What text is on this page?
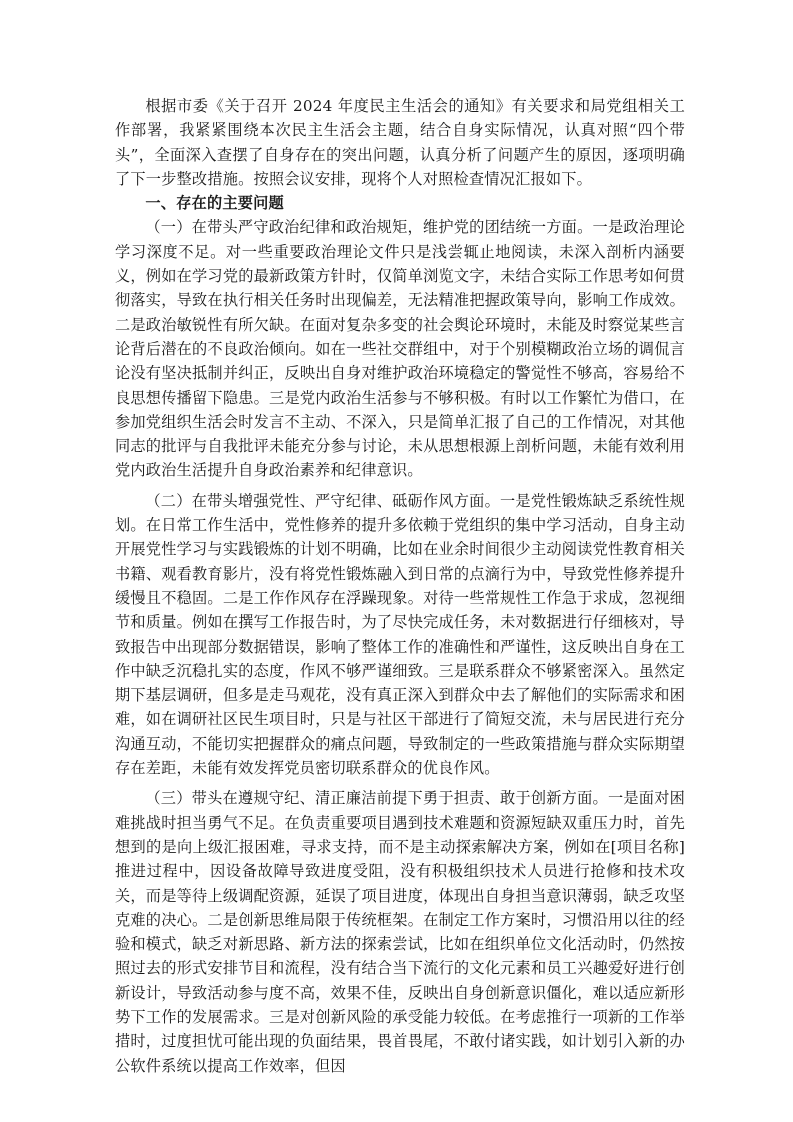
根据市委《关于召开 2024 年度民主生活会的通知》有关要求和局党组相关工作部署，我紧紧围绕本次民主生活会主题，结合自身实际情况，认真对照“四个带头”，全面深入查摆了自身存在的突出问题，认真分析了问题产生的原因，逐项明确了下一步整改措施。按照会议安排，现将个人对照检查情况汇报如下。

一、存在的主要问题

（一）在带头严守政治纪律和政治规矩，维护党的团结统一方面。一是政治理论学习深度不足。对一些重要政治理论文件只是浅尝辄止地阅读，未深入剖析内涵要义，例如在学习党的最新政策方针时，仅简单浏览文字，未结合实际工作思考如何贯彻落实，导致在执行相关任务时出现偏差，无法精准把握政策导向，影响工作成效。二是政治敏锐性有所欠缺。在面对复杂多变的社会舆论环境时，未能及时察觉某些言论背后潜在的不良政治倾向。如在一些社交群组中，对于个别模糊政治立场的调侃言论没有坚决抵制并纠正，反映出自身对维护政治环境稳定的警觉性不够高，容易给不良思想传播留下隐患。三是党内政治生活参与不够积极。有时以工作繁忙为借口，在参加党组织生活会时发言不主动、不深入，只是简单汇报了自己的工作情况，对其他同志的批评与自我批评未能充分参与讨论，未从思想根源上剖析问题，未能有效利用党内政治生活提升自身政治素养和纪律意识。

（二）在带头增强党性、严守纪律、砥砺作风方面。一是党性锻炼缺乏系统性规划。在日常工作生活中，党性修养的提升多依赖于党组织的集中学习活动，自身主动开展党性学习与实践锻炼的计划不明确，比如在业余时间很少主动阅读党性教育相关书籍、观看教育影片，没有将党性锻炼融入到日常的点滴行为中，导致党性修养提升缓慢且不稳固。二是工作作风存在浮躁现象。对待一些常规性工作急于求成，忽视细节和质量。例如在撰写工作报告时，为了尽快完成任务，未对数据进行仔细核对，导致报告中出现部分数据错误，影响了整体工作的准确性和严谨性，这反映出自身在工作中缺乏沉稳扎实的态度，作风不够严谨细致。三是联系群众不够紧密深入。虽然定期下基层调研，但多是走马观花，没有真正深入到群众中去了解他们的实际需求和困难，如在调研社区民生项目时，只是与社区干部进行了简短交流，未与居民进行充分沟通互动，不能切实把握群众的痛点问题，导致制定的一些政策措施与群众实际期望存在差距，未能有效发挥党员密切联系群众的优良作风。

（三）带头在遵规守纪、清正廉洁前提下勇于担责、敢于创新方面。一是面对困难挑战时担当勇气不足。在负责重要项目遇到技术难题和资源短缺双重压力时，首先想到的是向上级汇报困难，寻求支持，而不是主动探索解决方案，例如在[项目名称]推进过程中，因设备故障导致进度受阻，没有积极组织技术人员进行抢修和技术攻关，而是等待上级调配资源，延误了项目进度，体现出自身担当意识薄弱，缺乏攻坚克难的决心。二是创新思维局限于传统框架。在制定工作方案时，习惯沿用以往的经验和模式，缺乏对新思路、新方法的探索尝试，比如在组织单位文化活动时，仍然按照过去的形式安排节目和流程，没有结合当下流行的文化元素和员工兴趣爱好进行创新设计，导致活动参与度不高，效果不佳，反映出自身创新意识僵化，难以适应新形势下工作的发展需求。三是对创新风险的承受能力较低。在考虑推行一项新的工作举措时，过度担忧可能出现的负面结果，畏首畏尾，不敢付诸实践，如计划引入新的办公软件系统以提高工作效率，但因
